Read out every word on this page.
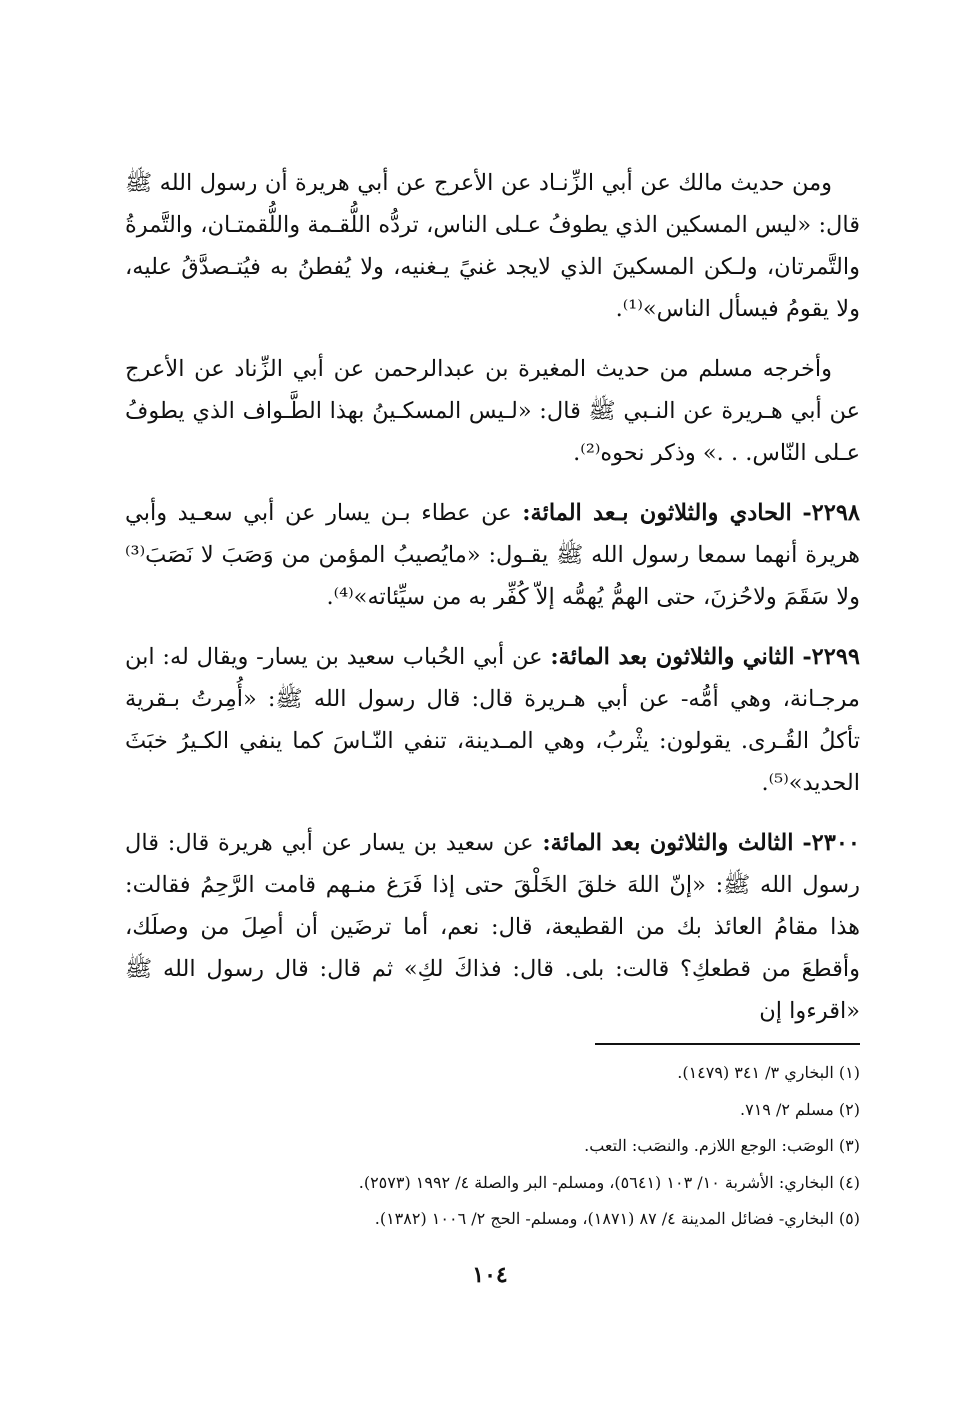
ومن حديث مالك عن أبي الزِّنـاد عن الأعرج عن أبي هريرة أن رسول الله ﷺ قال: «ليس المسكين الذي يطوفُ عـلى الناس، تردُّه اللُّقـمة واللُّقمتـان، والتَّمرةُ والتَّمرتان، ولـكن المسكينَ الذي لايجد غنيً يـغنيه، ولا يُفطنُ به فيُتـصدَّقُ عليه، ولا يقومُ فيسأل الناس»⁽¹⁾.

وأخرجه مسلم من حديث المغيرة بن عبدالرحمن عن أبي الزِّناد عن الأعرج عن أبي هـريرة عن النـبي ﷺ قال: «لـيس المسكـينُ بهذا الطَّـواف الذي يطوفُ عـلى النّاس. . .» وذكر نحوه⁽²⁾.

٢٢٩٨- الحادي والثلاثون بـعد المائة: عن عطاء بـن يسار عن أبي سعـيد وأبي هريرة أنهما سمعا رسول الله ﷺ يقـول: «مايُصيبُ المؤمن من وَصَبَ لا نَصَبَ⁽³⁾ ولا سَقَمَ ولاحُزنَ، حتى الهمُّ يُهمُّه إلاّ كُفِّر به من سيِّئاته»⁽⁴⁾.

٢٢٩٩- الثاني والثلاثون بعد المائة: عن أبي الحُباب سعيد بن يسار- ويقال له: ابن مرجـانة، وهي أمُّه- عن أبي هـريرة قال: قال رسول الله ﷺ: «أُمِرتُ بـقرية تأكلُ القُـرى. يقولون: يثْربُ، وهي المـدينة، تنفي النّـاسَ كما ينفي الكـيرُ خبَثَ الحديد»⁽⁵⁾.

٢٣٠٠- الثالث والثلاثون بعد المائة: عن سعيد بن يسار عن أبي هريرة قال: قال رسول الله ﷺ: «إنّ اللهَ خلقَ الخَلْقَ حتى إذا فَرَغ منـهم قامت الرَّحِمُ فقالت: هذا مقامُ العائذ بك من القطيعة، قال: نعم، أما ترضَين أن أصِلَ من وصلَك، وأقطعَ من قطعكِ؟ قالت: بلى. قال: فذاكَ لكِ» ثم قال: قال رسول الله ﷺ «اقرءوا إن

(١) البخاري ٣/ ٣٤١ (١٤٧٩).

(٢) مسلم ٢/ ٧١٩.

(٣) الوصَب: الوجع اللازم. والنصَب: التعب.

(٤) البخاري: الأشربة ١٠/ ١٠٣ (٥٦٤١)، ومسلم- البر والصلة ٤/ ١٩٩٢ (٢٥٧٣).

(٥) البخاري- فضائل المدينة ٤/ ٨٧ (١٨٧١)، ومسلم- الحج ٢/ ١٠٠٦ (١٣٨٢).

١٠٤
